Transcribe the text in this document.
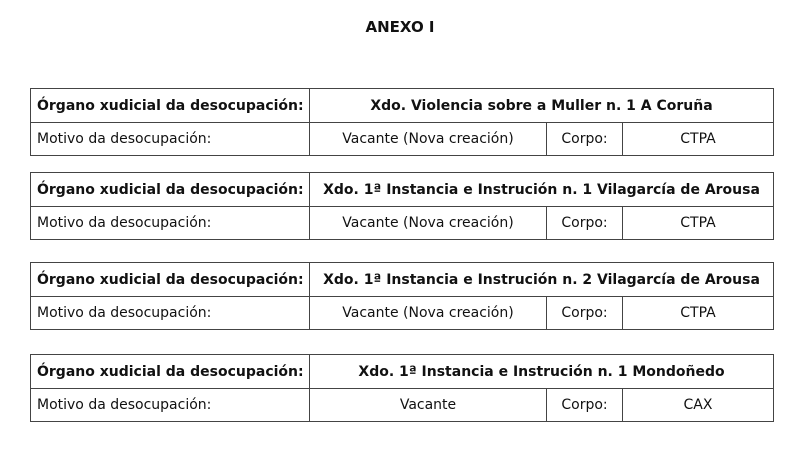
ANEXO I
Órgano xudicial da desocupación:	Xdo. Violencia sobre a Muller n. 1 A Coruña		
Motivo da desocupación:	Vacante (Nova creación)	Corpo:	CTPA
Órgano xudicial da desocupación:	Xdo. 1ª Instancia e Instrución n. 1 Vilagarcía de Arousa		
Motivo da desocupación:	Vacante (Nova creación)	Corpo:	CTPA
Órgano xudicial da desocupación:	Xdo. 1ª Instancia e Instrución n. 2 Vilagarcía de Arousa		
Motivo da desocupación:	Vacante (Nova creación)	Corpo:	CTPA
Órgano xudicial da desocupación:	Xdo. 1ª Instancia e Instrución n. 1 Mondoñedo		
Motivo da desocupación:	Vacante	Corpo:	CAX
